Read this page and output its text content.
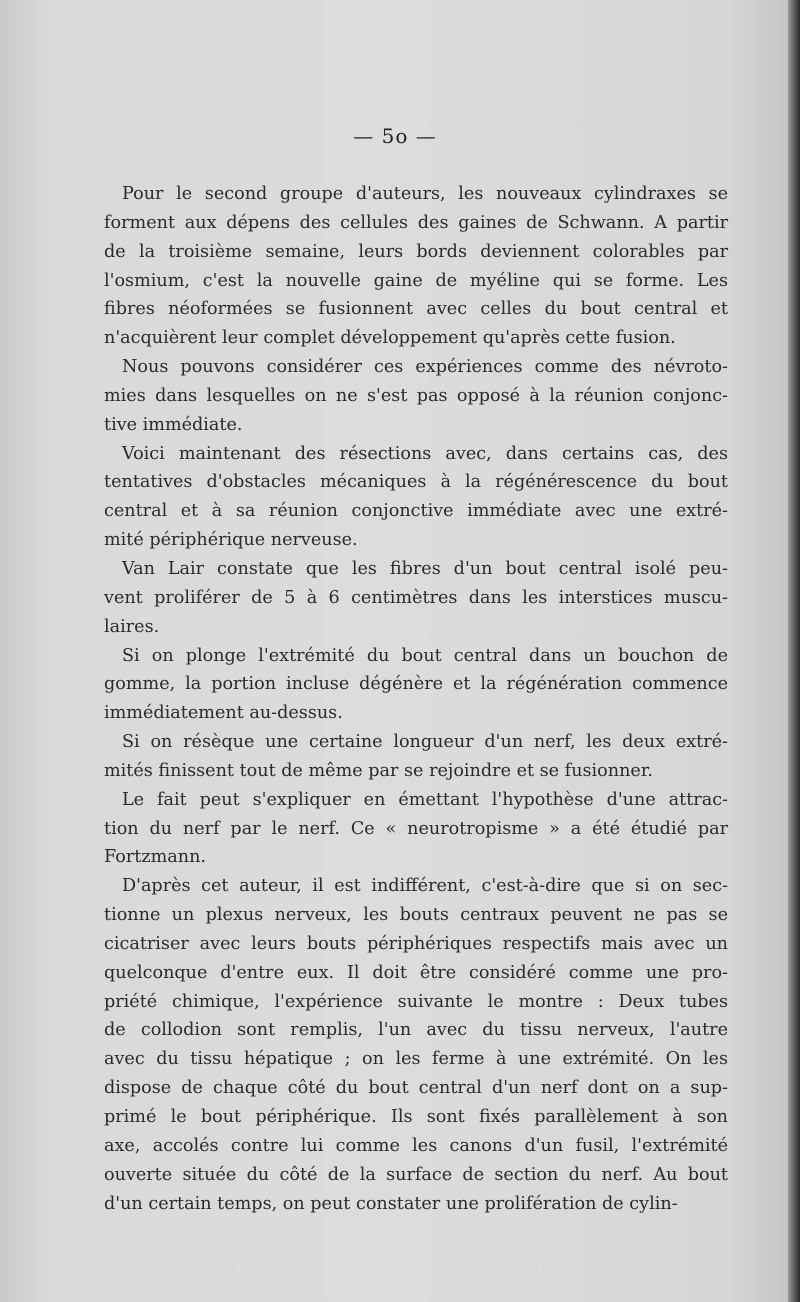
— 5o —
Pour le second groupe d'auteurs, les nouveaux cylindraxes se
forment aux dépens des cellules des gaines de Schwann. A partir
de la troisième semaine, leurs bords deviennent colorables par
l'osmium, c'est la nouvelle gaine de myéline qui se forme. Les
fibres néoformées se fusionnent avec celles du bout central et
n'acquièrent leur complet développement qu'après cette fusion.
Nous pouvons considérer ces expériences comme des névroto-
mies dans lesquelles on ne s'est pas opposé à la réunion conjonc-
tive immédiate.
Voici maintenant des résections avec, dans certains cas, des
tentatives d'obstacles mécaniques à la régénérescence du bout
central et à sa réunion conjonctive immédiate avec une extré-
mité périphérique nerveuse.
Van Lair constate que les fibres d'un bout central isolé peu-
vent proliférer de 5 à 6 centimètres dans les interstices muscu-
laires.
Si on plonge l'extrémité du bout central dans un bouchon de
gomme, la portion incluse dégénère et la régénération commence
immédiatement au-dessus.
Si on résèque une certaine longueur d'un nerf, les deux extré-
mités finissent tout de même par se rejoindre et se fusionner.
Le fait peut s'expliquer en émettant l'hypothèse d'une attrac-
tion du nerf par le nerf. Ce « neurotropisme » a été étudié par
Fortzmann.
D'après cet auteur, il est indifférent, c'est-à-dire que si on sec-
tionne un plexus nerveux, les bouts centraux peuvent ne pas se
cicatriser avec leurs bouts périphériques respectifs mais avec un
quelconque d'entre eux. Il doit être considéré comme une pro-
priété chimique, l'expérience suivante le montre : Deux tubes
de collodion sont remplis, l'un avec du tissu nerveux, l'autre
avec du tissu hépatique ; on les ferme à une extrémité. On les
dispose de chaque côté du bout central d'un nerf dont on a sup-
primé le bout périphérique. Ils sont fixés parallèlement à son
axe, accolés contre lui comme les canons d'un fusil, l'extrémité
ouverte située du côté de la surface de section du nerf. Au bout
d'un certain temps, on peut constater une prolifération de cylin-
